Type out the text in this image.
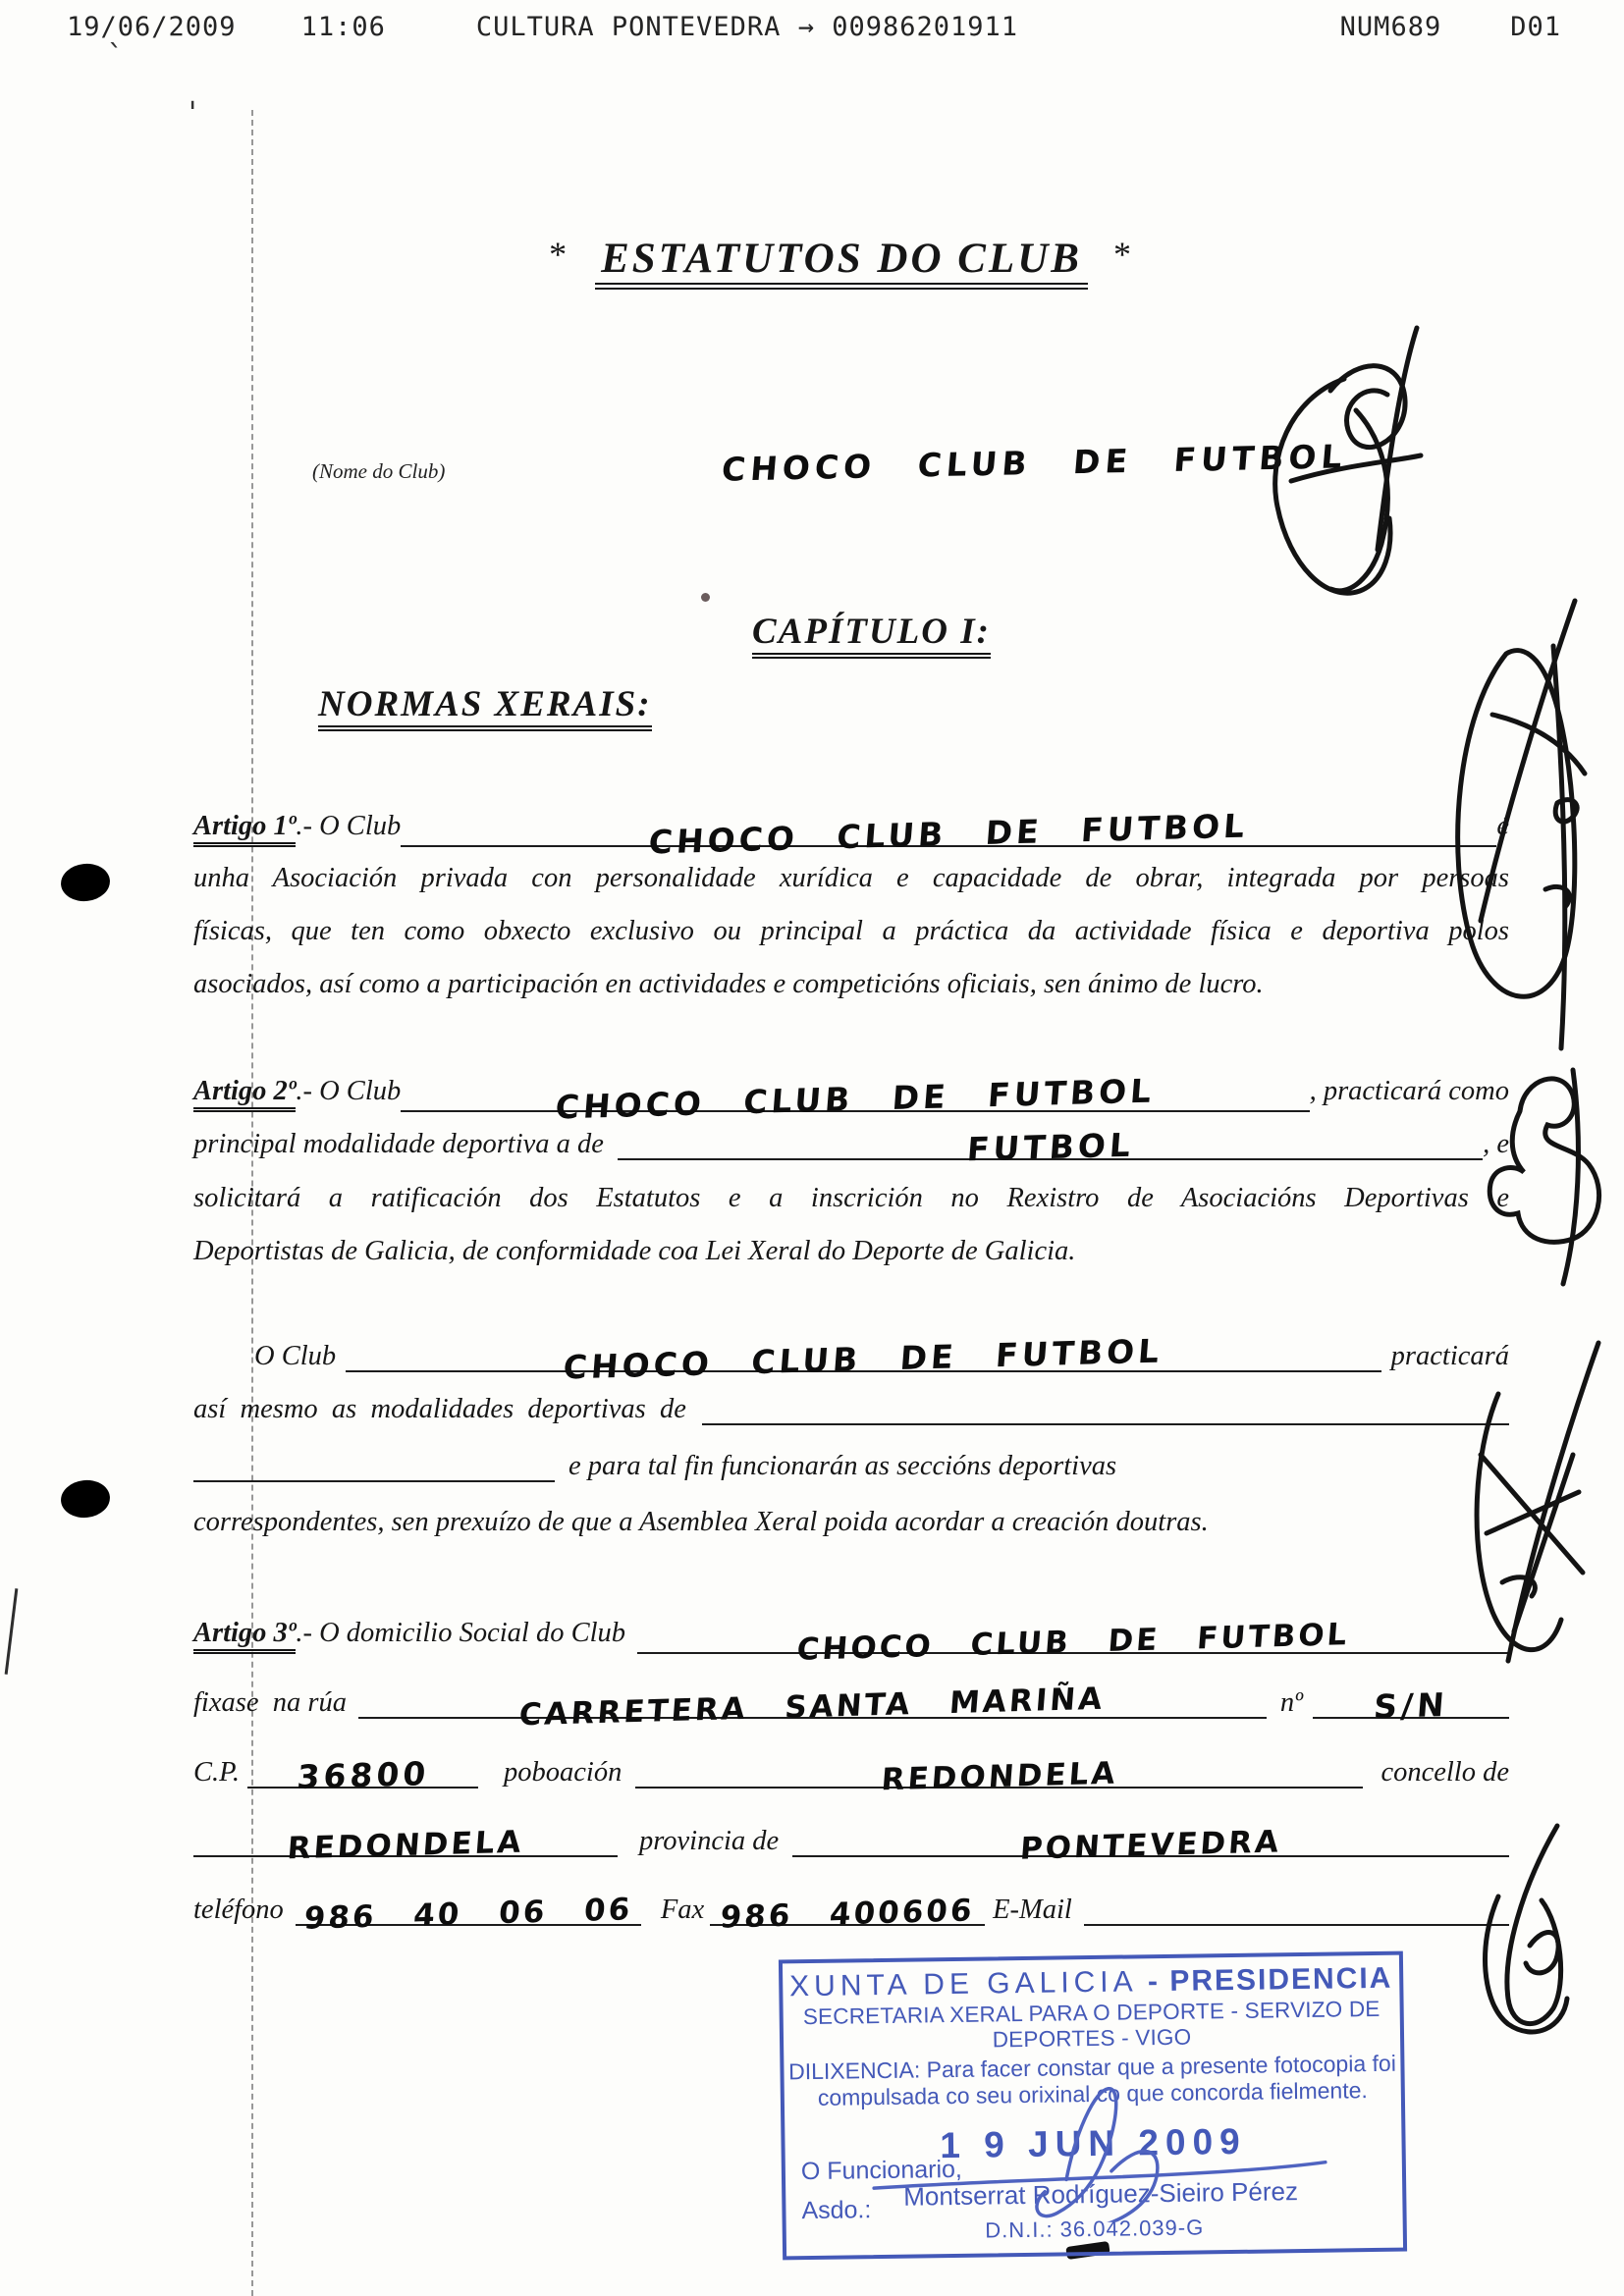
19/06/2009 11:06	CULTURA PONTEVEDRA → 00986201911	NUM689	D01
`
'
* ESTATUTOS DO CLUB *
(Nome do Club)	CHOCO CLUB DE FUTBOL
CAPÍTULO I:
NORMAS XERAIS:
Artigo 1º .- O Club	CHOCO CLUB DE FUTBOL	é
unha Asociación privada con personalidade xurídica e capacidade de obrar, integrada por persoas
físicas, que ten como obxecto exclusivo ou principal a práctica da actividade física e deportiva polos
asociados, así como a participación en actividades e competicións oficiais, sen ánimo de lucro.
Artigo 2º .- O Club	CHOCO CLUB DE FUTBOL	, practicará como
principal modalidade deportiva a de	FUTBOL	, e
solicitará a ratificación dos Estatutos e a inscrición no Rexistro de Asociacións Deportivas e
Deportistas de Galicia, de conformidade coa Lei Xeral do Deporte de Galicia.
O Club	CHOCO CLUB DE FUTBOL	practicará
así  mesmo  as  modalidades  deportivas  de
e para tal fin funcionarán as seccións deportivas
correspondentes, sen prexuízo de que a Asemblea Xeral poida acordar a creación doutras.
Artigo 3º .- O domicilio Social do Club	CHOCO CLUB DE FUTBOL
fixase  na rúa	CARRETERA SANTA MARIÑA	nº S/N
C.P. 36800	poboación	REDONDELA	concello de
REDONDELA	provincia de	PONTEVEDRA
teléfono 986 40 06 06 Fax 986 400606 E-Mail
XUNTA DE GALICIA - PRESIDENCIA
SECRETARIA XERAL PARA O DEPORTE - SERVIZO DE DEPORTES - VIGO
DILIXENCIA: Para facer constar que a presente fotocopia foi
compulsada co seu orixinal co que concorda fielmente.
1 9 JUN 2009
O Funcionario,
Asdo.:	Montserrat Rodríguez-Sieiro Pérez
D.N.I.: 36.042.039-G
